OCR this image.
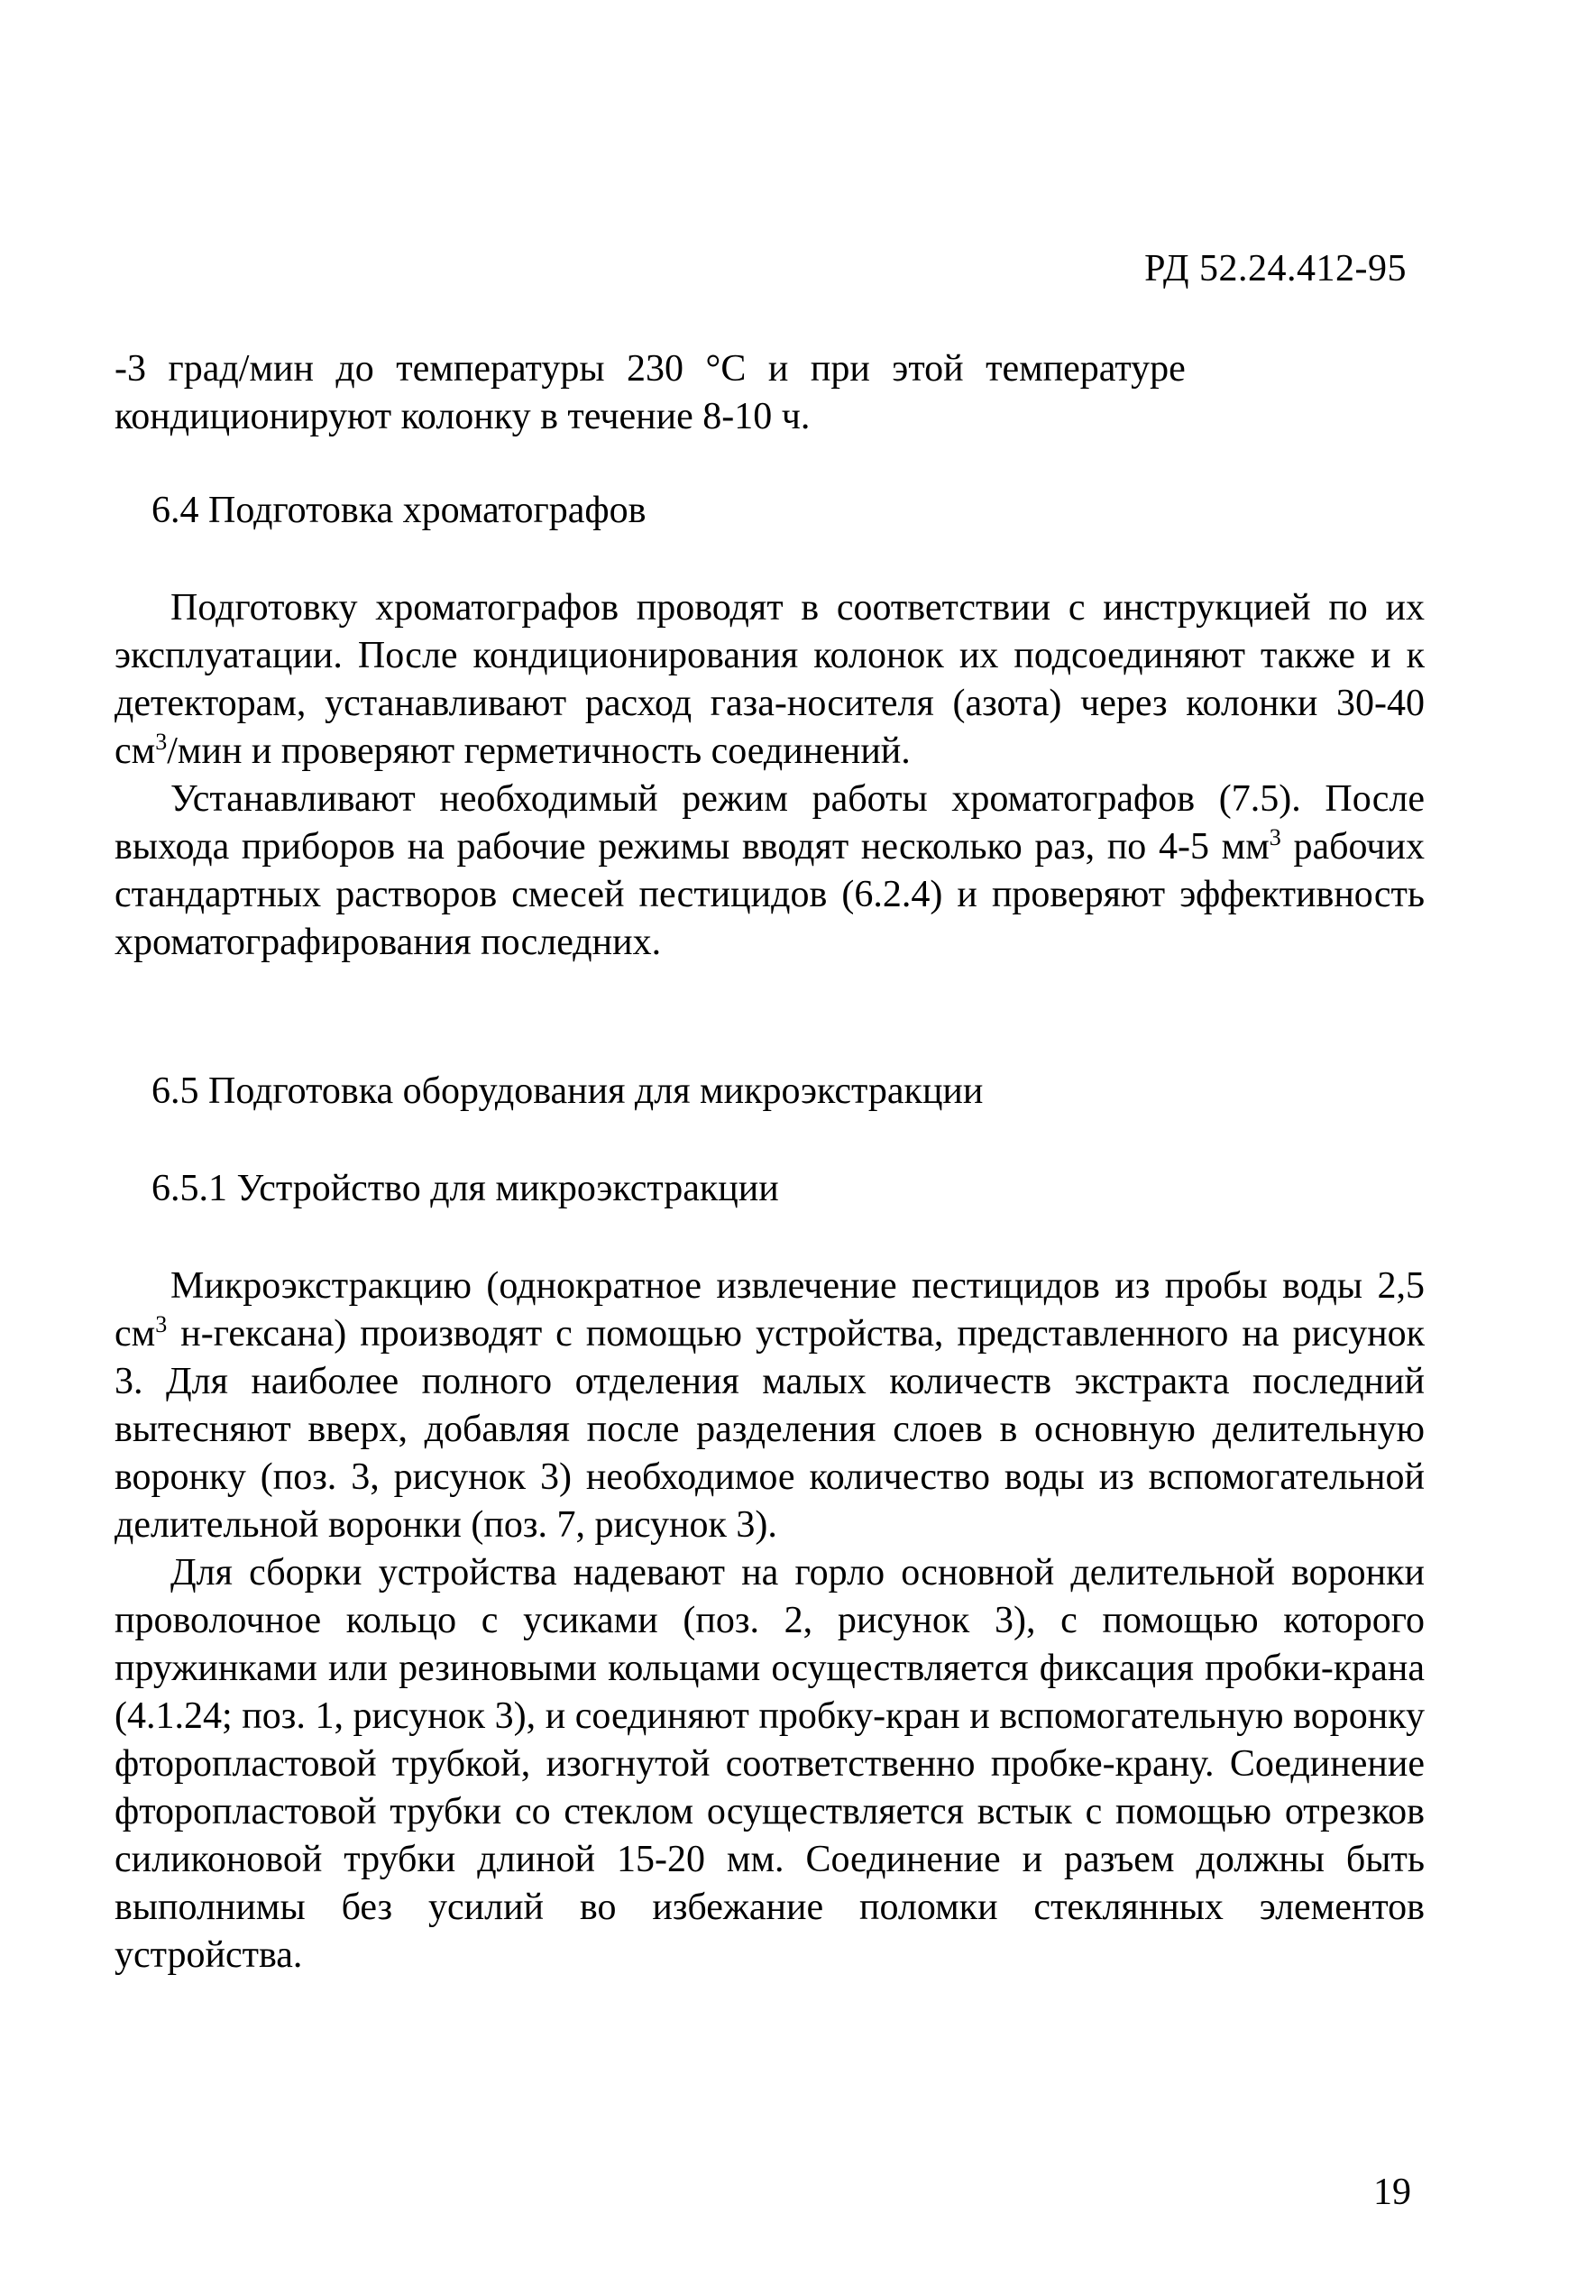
РД 52.24.412-95
-3 град/мин до температуры 230 °С и при этой температуре
кондиционируют колонку в течение 8-10 ч.
6.4 Подготовка хроматографов

Подготовку хроматографов проводят в соответствии с инструкцией по их эксплуатации. После кондиционирования колонок их подсоединяют также и к детекторам, устанавливают расход газа-носителя (азота) через колонки 30-40 $см^3$/мин и проверяют герметичность соединений.

Устанавливают необходимый режим работы хроматографов (7.5). После выхода приборов на рабочие режимы вводят несколько раз, по 4-5 $мм^3$ рабочих стандартных растворов смесей пестицидов (6.2.4) и проверяют эффективность хроматографирования последних.

6.5 Подготовка оборудования для микроэкстракции
6.5.1 Устройство для микроэкстракции

Микроэкстракцию (однократное извлечение пестицидов из пробы воды 2,5 $см^3$ н-гексана) производят с помощью устройства, представленного на рисунок 3. Для наиболее полного отделения малых количеств экстракта последний вытесняют вверх, добавляя после разделения слоев в основную делительную воронку (поз. 3, рисунок 3) необходимое количество воды из вспомогательной делительной воронки (поз. 7, рисунок 3).

Для сборки устройства надевают на горло основной делительной воронки проволочное кольцо с усиками (поз. 2, рисунок 3), с помощью которого пружинками или резиновыми кольцами осуществляется фиксация пробки-крана (4.1.24; поз. 1, рисунок 3), и соединяют пробку-кран и вспомогательную воронку фторопластовой трубкой, изогнутой соответственно пробке-крану. Соединение фторопластовой трубки со стеклом осуществляется встык с помощью отрезков силиконовой трубки длиной 15-20 мм. Соединение и разъем должны быть выполнимы без усилий во избежание поломки стеклянных элементов устройства.

19
